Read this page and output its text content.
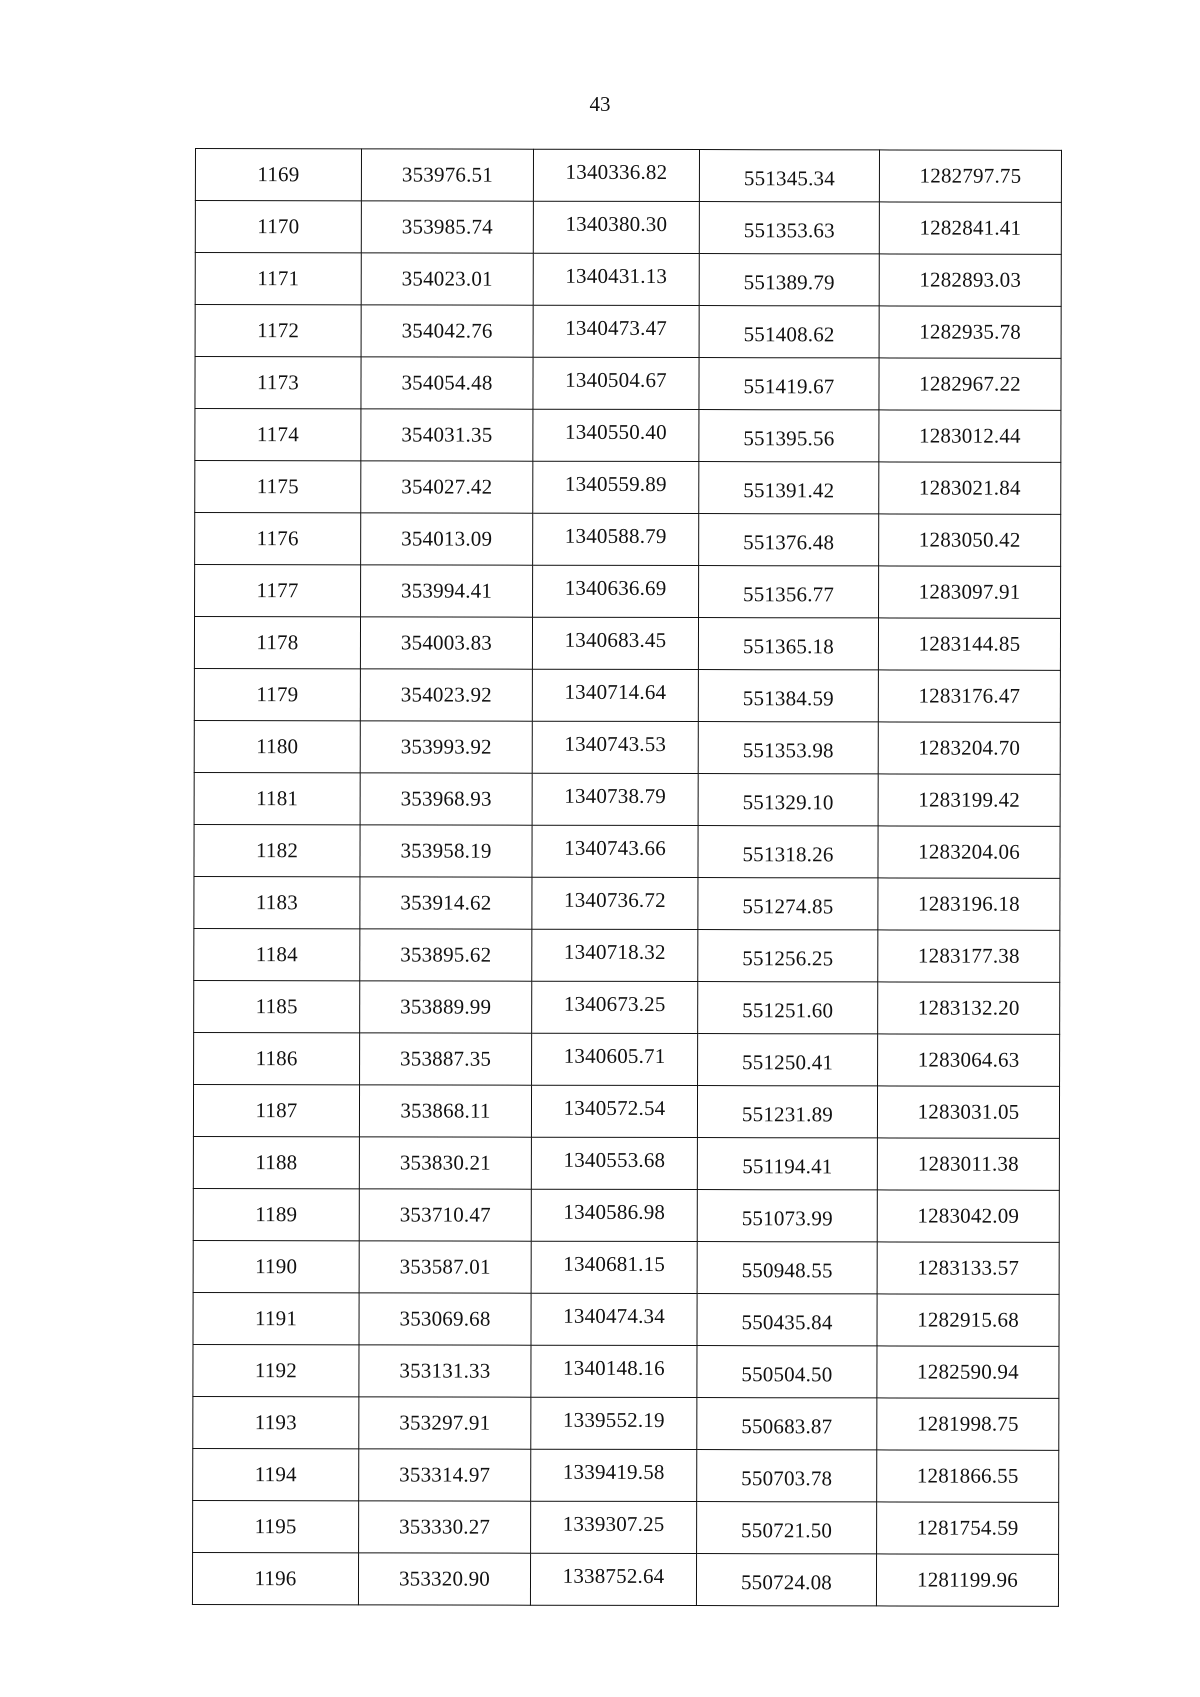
43
1169	353976.51	1340336.82	551345.34	1282797.75
1170	353985.74	1340380.30	551353.63	1282841.41
1171	354023.01	1340431.13	551389.79	1282893.03
1172	354042.76	1340473.47	551408.62	1282935.78
1173	354054.48	1340504.67	551419.67	1282967.22
1174	354031.35	1340550.40	551395.56	1283012.44
1175	354027.42	1340559.89	551391.42	1283021.84
1176	354013.09	1340588.79	551376.48	1283050.42
1177	353994.41	1340636.69	551356.77	1283097.91
1178	354003.83	1340683.45	551365.18	1283144.85
1179	354023.92	1340714.64	551384.59	1283176.47
1180	353993.92	1340743.53	551353.98	1283204.70
1181	353968.93	1340738.79	551329.10	1283199.42
1182	353958.19	1340743.66	551318.26	1283204.06
1183	353914.62	1340736.72	551274.85	1283196.18
1184	353895.62	1340718.32	551256.25	1283177.38
1185	353889.99	1340673.25	551251.60	1283132.20
1186	353887.35	1340605.71	551250.41	1283064.63
1187	353868.11	1340572.54	551231.89	1283031.05
1188	353830.21	1340553.68	551194.41	1283011.38
1189	353710.47	1340586.98	551073.99	1283042.09
1190	353587.01	1340681.15	550948.55	1283133.57
1191	353069.68	1340474.34	550435.84	1282915.68
1192	353131.33	1340148.16	550504.50	1282590.94
1193	353297.91	1339552.19	550683.87	1281998.75
1194	353314.97	1339419.58	550703.78	1281866.55
1195	353330.27	1339307.25	550721.50	1281754.59
1196	353320.90	1338752.64	550724.08	1281199.96
